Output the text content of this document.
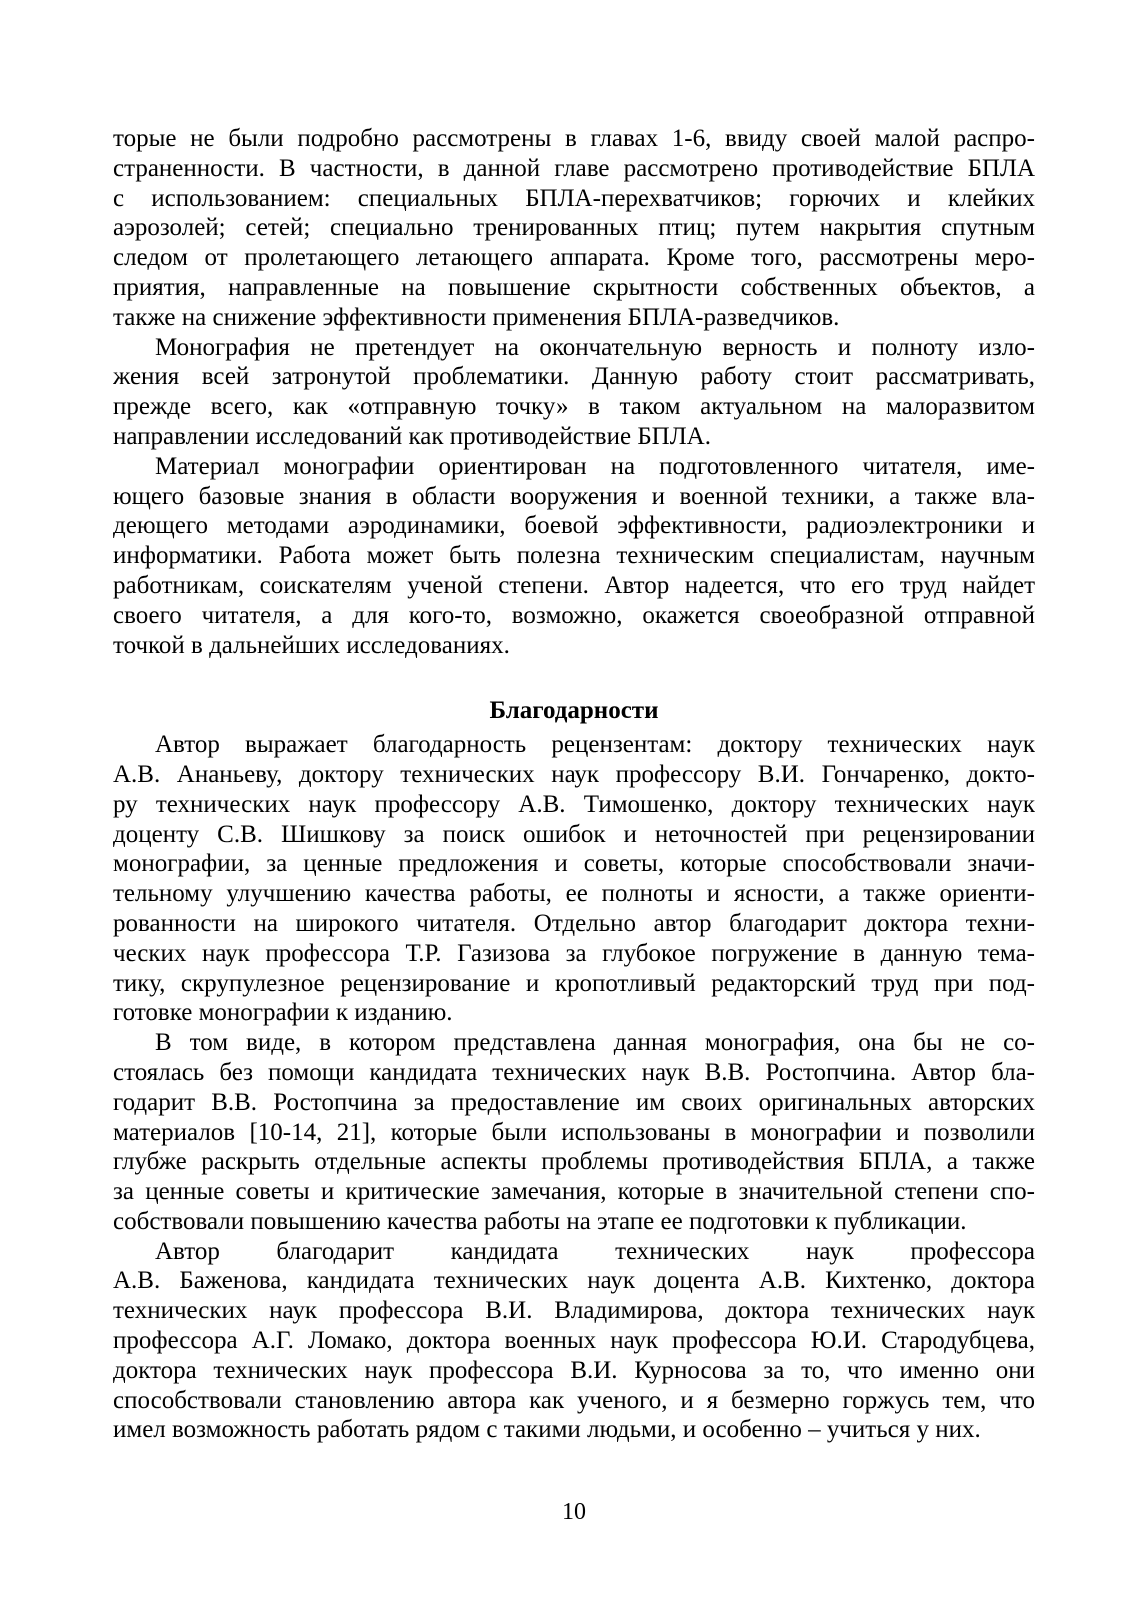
торые не были подробно рассмотрены в главах 1-6, ввиду своей малой распро-
страненности. В частности, в данной главе рассмотрено противодействие БПЛА
с использованием: специальных БПЛА-перехватчиков; горючих и клейких
аэрозолей; сетей; специально тренированных птиц; путем накрытия спутным
следом от пролетающего летающего аппарата. Кроме того, рассмотрены меро-
приятия, направленные на повышение скрытности собственных объектов, а
также на снижение эффективности применения БПЛА-разведчиков.

Монография не претендует на окончательную верность и полноту изло-
жения всей затронутой проблематики. Данную работу стоит рассматривать,
прежде всего, как «отправную точку» в таком актуальном на малоразвитом
направлении исследований как противодействие БПЛА.

Материал монографии ориентирован на подготовленного читателя, име-
ющего базовые знания в области вооружения и военной техники, а также вла-
деющего методами аэродинамики, боевой эффективности, радиоэлектроники и
информатики. Работа может быть полезна техническим специалистам, научным
работникам, соискателям ученой степени. Автор надеется, что его труд найдет
своего читателя, а для кого-то, возможно, окажется своеобразной отправной
точкой в дальнейших исследованиях.

Благодарности

Автор выражает благодарность рецензентам: доктору технических наук
А.В. Ананьеву, доктору технических наук профессору В.И. Гончаренко, докто-
ру технических наук профессору А.В. Тимошенко, доктору технических наук
доценту С.В. Шишкову за поиск ошибок и неточностей при рецензировании
монографии, за ценные предложения и советы, которые способствовали значи-
тельному улучшению качества работы, ее полноты и ясности, а также ориенти-
рованности на широкого читателя. Отдельно автор благодарит доктора техни-
ческих наук профессора Т.Р. Газизова за глубокое погружение в данную тема-
тику, скрупулезное рецензирование и кропотливый редакторский труд при под-
готовке монографии к изданию.

В том виде, в котором представлена данная монография, она бы не со-
стоялась без помощи кандидата технических наук В.В. Ростопчина. Автор бла-
годарит В.В. Ростопчина за предоставление им своих оригинальных авторских
материалов [10-14, 21], которые были использованы в монографии и позволили
глубже раскрыть отдельные аспекты проблемы противодействия БПЛА, а также
за ценные советы и критические замечания, которые в значительной степени спо-
собствовали повышению качества работы на этапе ее подготовки к публикации.

Автор благодарит кандидата технических наук профессора
А.В. Баженова, кандидата технических наук доцента А.В. Кихтенко, доктора
технических наук профессора В.И. Владимирова, доктора технических наук
профессора А.Г. Ломако, доктора военных наук профессора Ю.И. Стародубцева,
доктора технических наук профессора В.И. Курносова за то, что именно они
способствовали становлению автора как ученого, и я безмерно горжусь тем, что
имел возможность работать рядом с такими людьми, и особенно – учиться у них.

10
